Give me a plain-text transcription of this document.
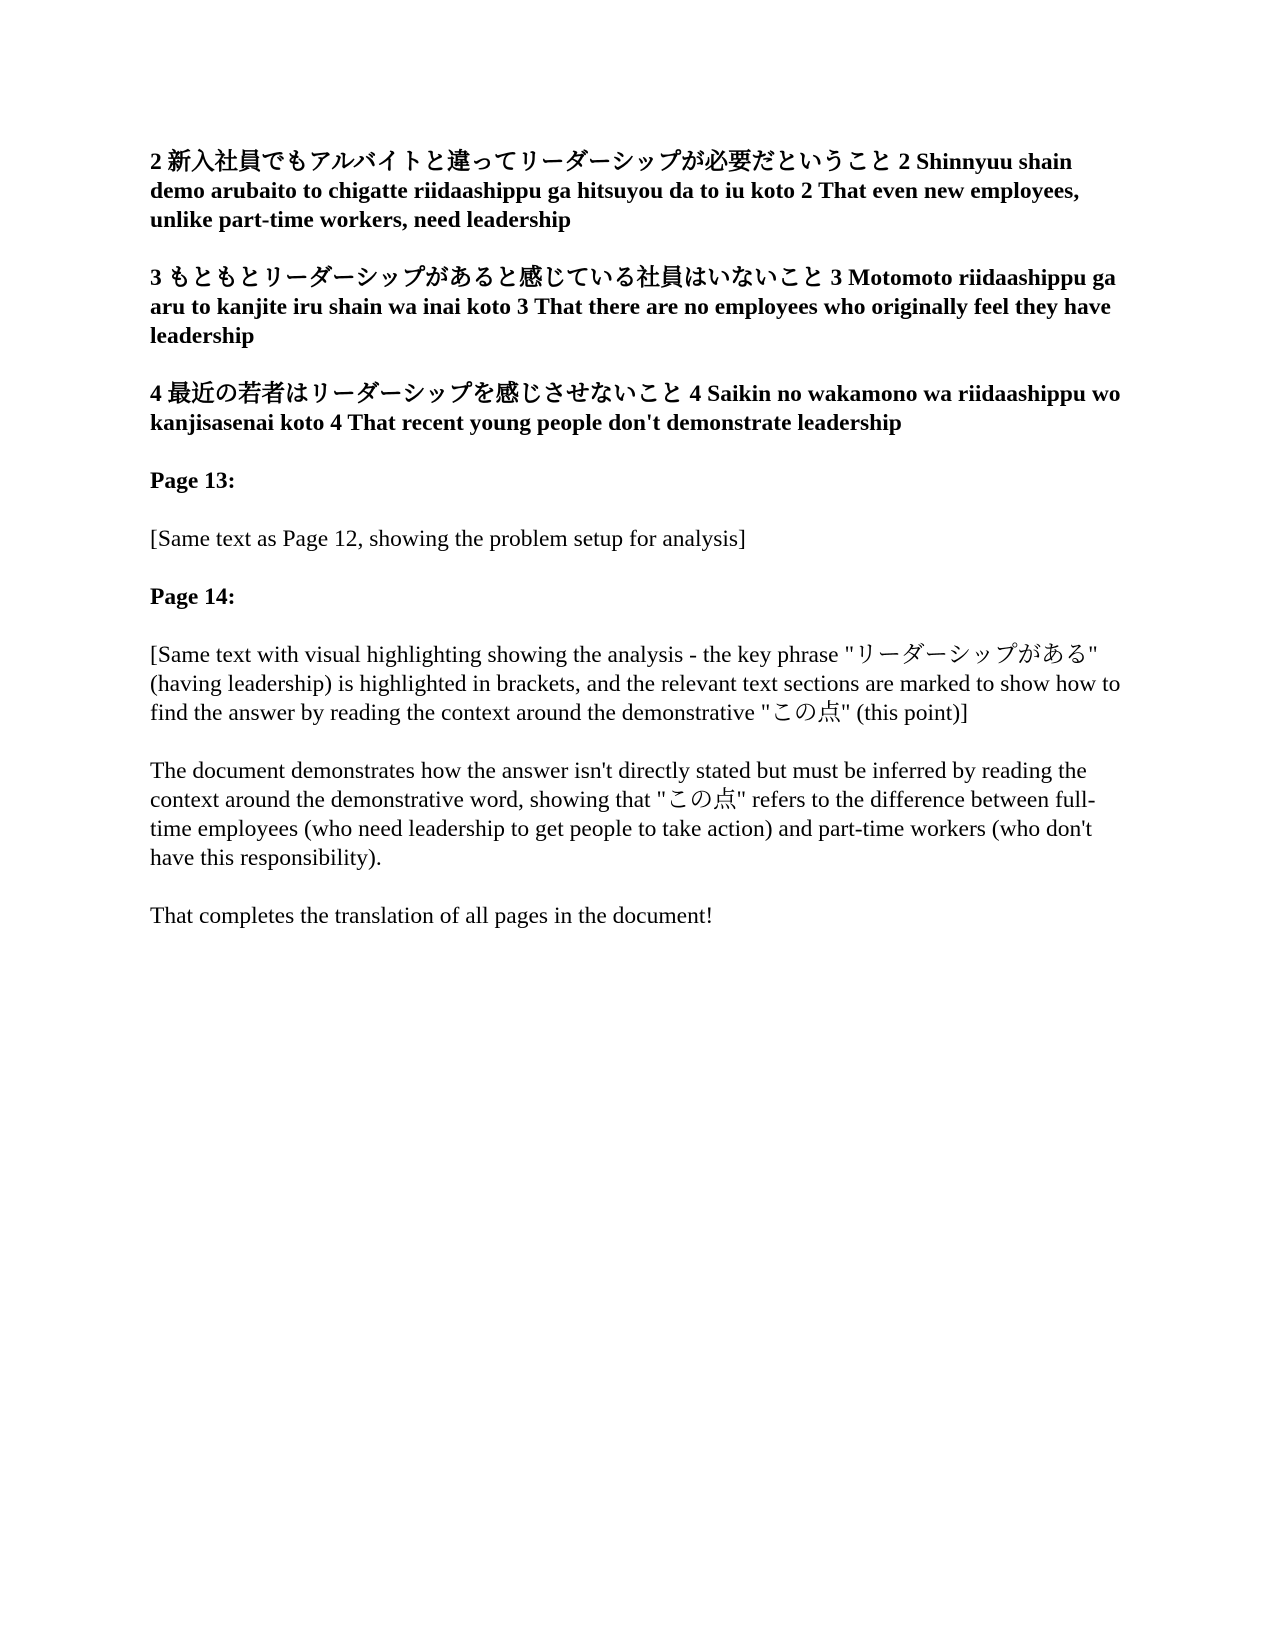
2 新入社員でもアルバイトと違ってリーダーシップが必要だということ 2 Shinnyuu shain demo arubaito to chigatte riidaashippu ga hitsuyou da to iu koto 2 That even new employees, unlike part-time workers, need leadership

3 もともとリーダーシップがあると感じている社員はいないこと 3 Motomoto riidaashippu ga aru to kanjite iru shain wa inai koto 3 That there are no employees who originally feel they have leadership

4 最近の若者はリーダーシップを感じさせないこと 4 Saikin no wakamono wa riidaashippu wo kanjisasenai koto 4 That recent young people don't demonstrate leadership

Page 13:

[Same text as Page 12, showing the problem setup for analysis]

Page 14:

[Same text with visual highlighting showing the analysis - the key phrase "リーダーシップがある" (having leadership) is highlighted in brackets, and the relevant text sections are marked to show how to find the answer by reading the context around the demonstrative "この点" (this point)]

The document demonstrates how the answer isn't directly stated but must be inferred by reading the context around the demonstrative word, showing that "この点" refers to the difference between full-time employees (who need leadership to get people to take action) and part-time workers (who don't have this responsibility).

That completes the translation of all pages in the document!
